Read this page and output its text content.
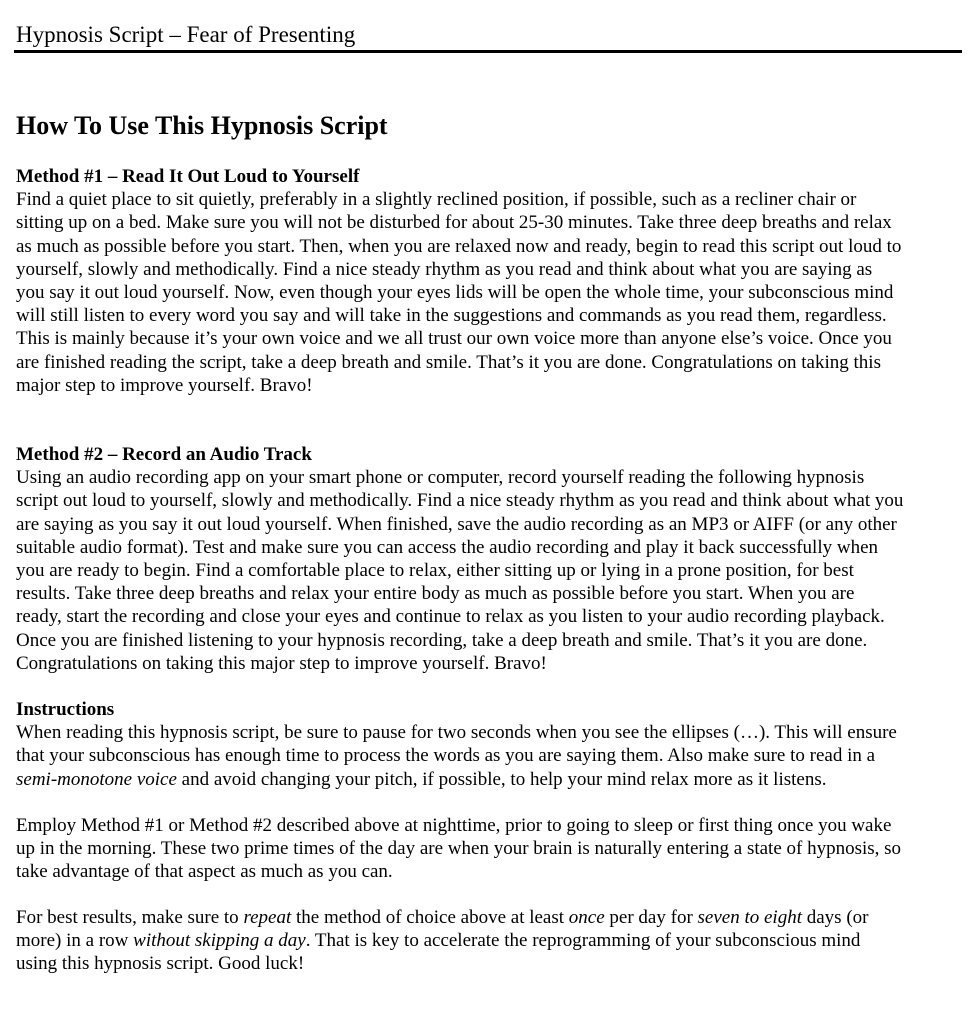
Hypnosis Script – Fear of Presenting
How To Use This Hypnosis Script
Method #1 – Read It Out Loud to Yourself

Find a quiet place to sit quietly, preferably in a slightly reclined position, if possible, such as a recliner chair or
sitting up on a bed. Make sure you will not be disturbed for about 25-30 minutes. Take three deep breaths and relax
as much as possible before you start. Then, when you are relaxed now and ready, begin to read this script out loud to
yourself, slowly and methodically. Find a nice steady rhythm as you read and think about what you are saying as
you say it out loud yourself. Now, even though your eyes lids will be open the whole time, your subconscious mind
will still listen to every word you say and will take in the suggestions and commands as you read them, regardless.
This is mainly because it’s your own voice and we all trust our own voice more than anyone else’s voice. Once you
are finished reading the script, take a deep breath and smile. That’s it you are done. Congratulations on taking this
major step to improve yourself. Bravo!

Method #2 – Record an Audio Track

Using an audio recording app on your smart phone or computer, record yourself reading the following hypnosis
script out loud to yourself, slowly and methodically. Find a nice steady rhythm as you read and think about what you
are saying as you say it out loud yourself. When finished, save the audio recording as an MP3 or AIFF (or any other
suitable audio format). Test and make sure you can access the audio recording and play it back successfully when
you are ready to begin. Find a comfortable place to relax, either sitting up or lying in a prone position, for best
results. Take three deep breaths and relax your entire body as much as possible before you start. When you are
ready, start the recording and close your eyes and continue to relax as you listen to your audio recording playback.
Once you are finished listening to your hypnosis recording, take a deep breath and smile. That’s it you are done.
Congratulations on taking this major step to improve yourself. Bravo!

Instructions

When reading this hypnosis script, be sure to pause for two seconds when you see the ellipses (…). This will ensure
that your subconscious has enough time to process the words as you are saying them. Also make sure to read in a
semi-monotone voice and avoid changing your pitch, if possible, to help your mind relax more as it listens.

Employ Method #1 or Method #2 described above at nighttime, prior to going to sleep or first thing once you wake
up in the morning. These two prime times of the day are when your brain is naturally entering a state of hypnosis, so
take advantage of that aspect as much as you can.

For best results, make sure to repeat the method of choice above at least once per day for seven to eight days (or
more) in a row without skipping a day. That is key to accelerate the reprogramming of your subconscious mind
using this hypnosis script. Good luck!
